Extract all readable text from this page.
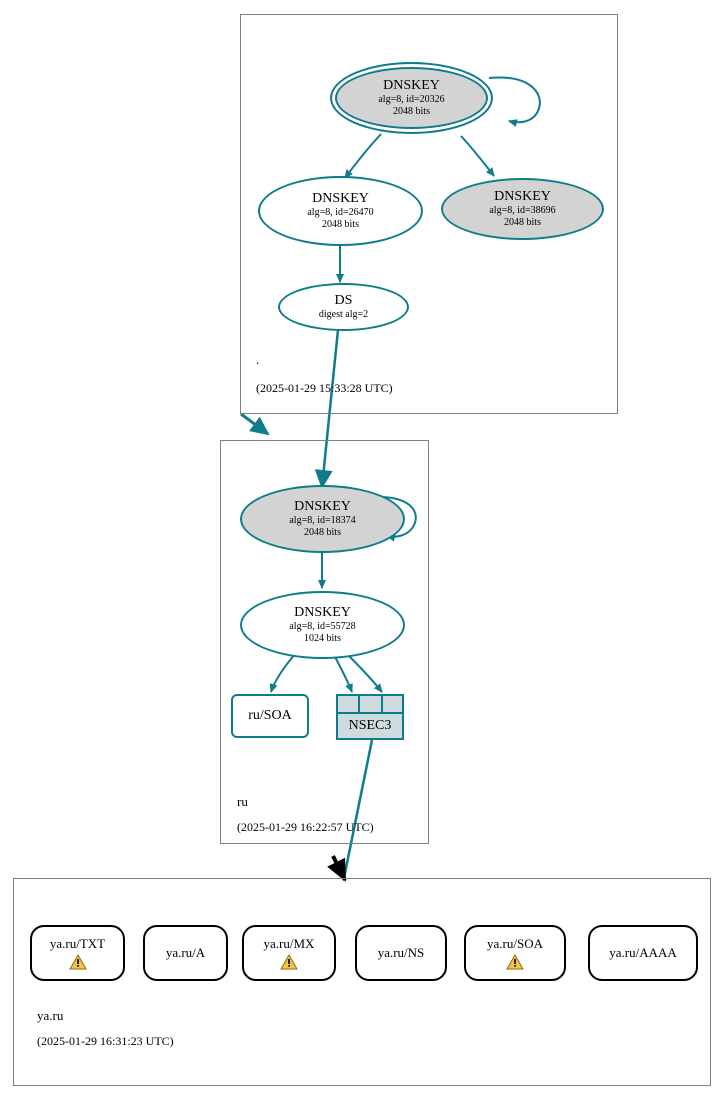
.
(2025-01-29 15:33:28 UTC)
ru
(2025-01-29 16:22:57 UTC)
ya.ru
(2025-01-29 16:31:23 UTC)
DNSKEY
alg=8, id=20326
2048 bits
DNSKEY
alg=8, id=26470
2048 bits
DNSKEY
alg=8, id=38696
2048 bits
DS
digest alg=2
DNSKEY
alg=8, id=18374
2048 bits
DNSKEY
alg=8, id=55728
1024 bits
ru/SOA
NSEC3
ya.ru/TXT
ya.ru/A
ya.ru/MX
ya.ru/NS
ya.ru/SOA
ya.ru/AAAA
